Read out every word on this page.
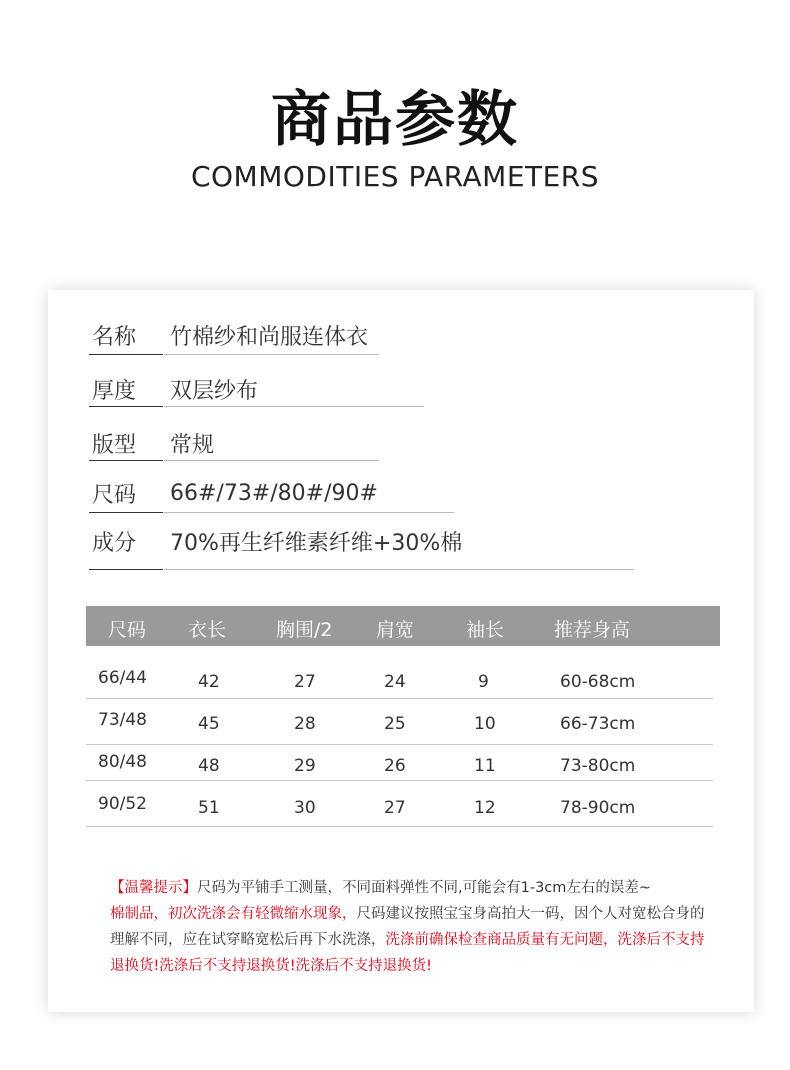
商品参数
COMMODITIES PARAMETERS
名称 竹棉纱和尚服连体衣
厚度 双层纱布
版型 常规
尺码 66#/73#/80#/90#
成分 70%再生纤维素纤维+30%棉
尺码 衣长	胸围/2 肩宽	袖长	推荐身高
66/44	42	27	24	9	60-68cm
73/48	45	28	25	10	66-73cm
80/48	48	29	26	11	73-80cm
90/52	51	30	27	12	78-90cm
【温馨提示】尺码为平铺手工测量，不同面料弹性不同,可能会有1-3cm左右的误差~
棉制品，初次洗涤会有轻微缩水现象，尺码建议按照宝宝身高拍大一码，因个人对宽松合身的理解不同，应在试穿略宽松后再下水洗涤，洗涤前确保检查商品质量有无问题，洗涤后不支持退换货!洗涤后不支持退换货!洗涤后不支持退换货!
